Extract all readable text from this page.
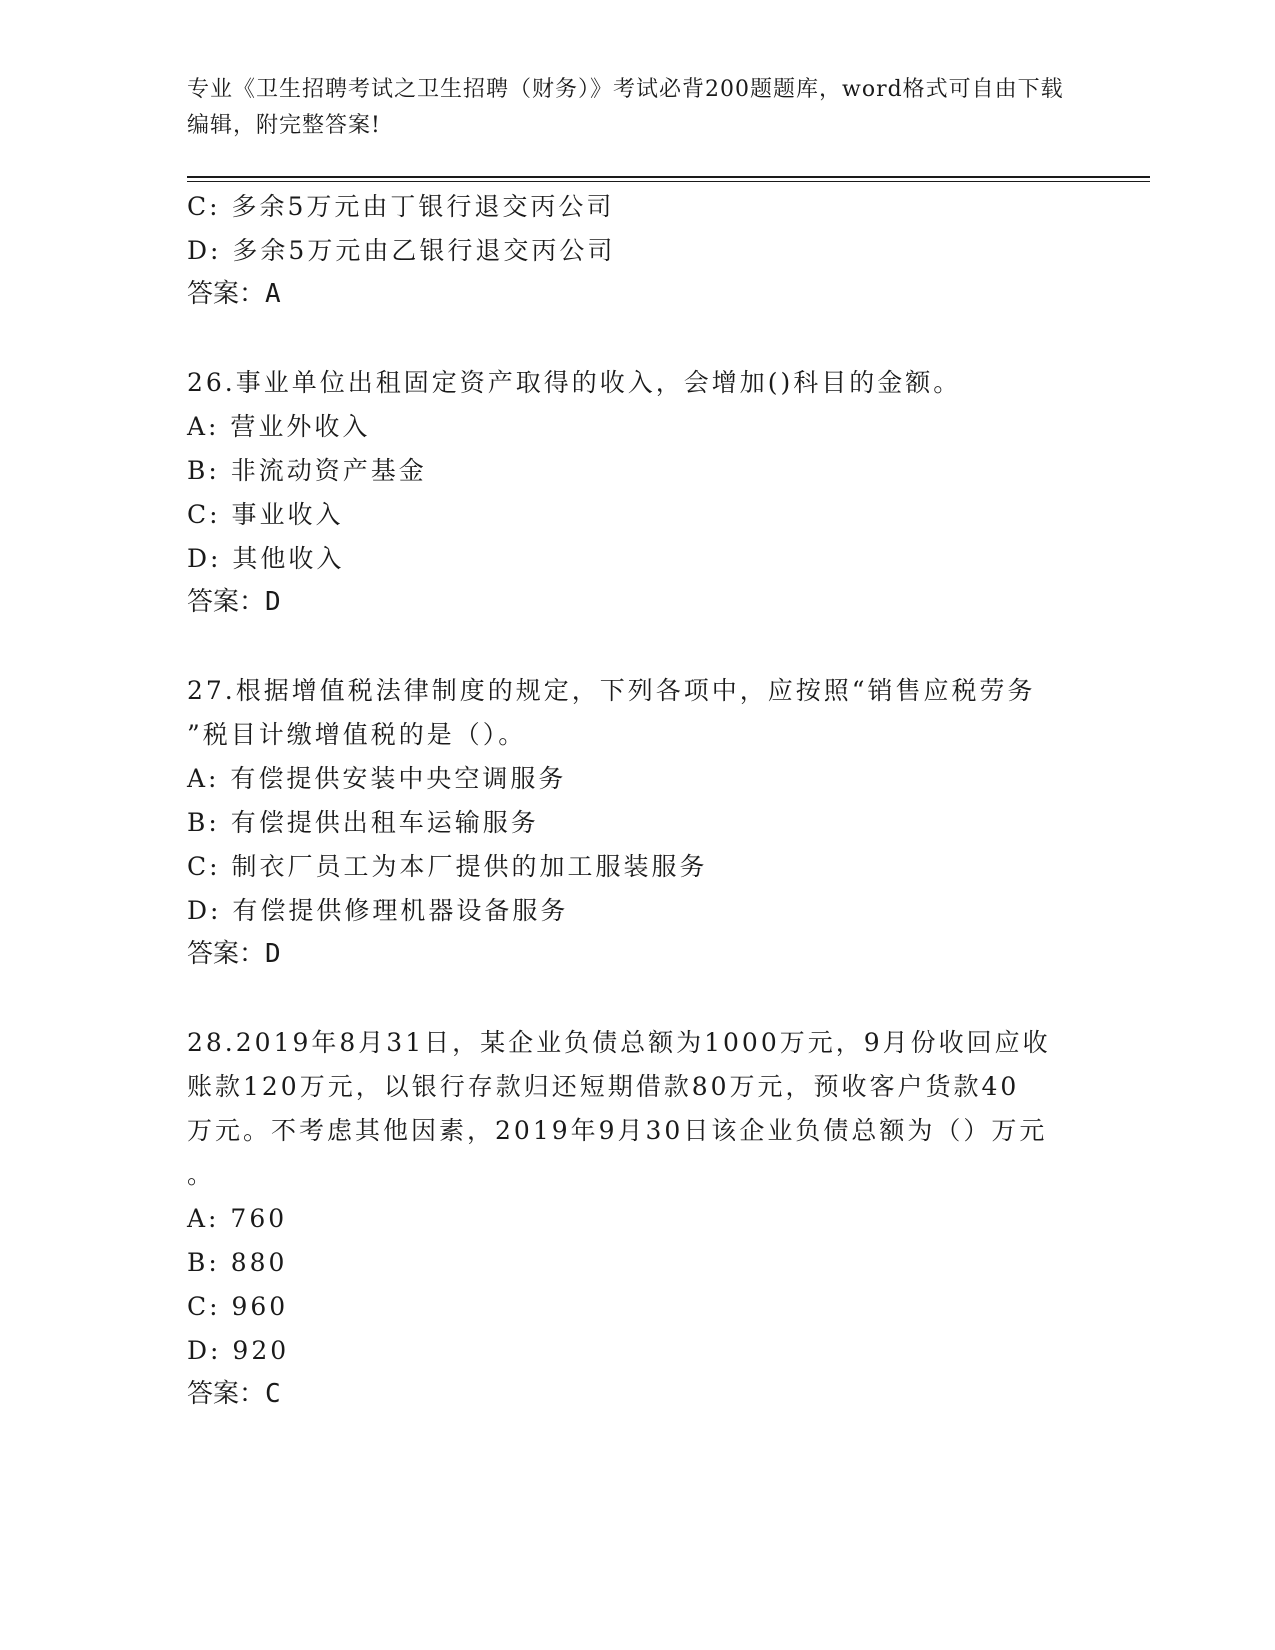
专业《卫生招聘考试之卫生招聘（财务）》考试必背200题题库，word格式可自由下载编辑，附完整答案!
C: 多余5万元由丁银行退交丙公司
D: 多余5万元由乙银行退交丙公司
答案：A
26.事业单位出租固定资产取得的收入，会增加()科目的金额。
A: 营业外收入
B: 非流动资产基金
C: 事业收入
D: 其他收入
答案：D
27.根据增值税法律制度的规定，下列各项中，应按照“销售应税劳务
”税目计缴增值税的是（）。
A: 有偿提供安装中央空调服务
B: 有偿提供出租车运输服务
C: 制衣厂员工为本厂提供的加工服装服务
D: 有偿提供修理机器设备服务
答案：D
28.2019年8月31日，某企业负债总额为1000万元，9月份收回应收
账款120万元，以银行存款归还短期借款80万元，预收客户货款40
万元。不考虑其他因素，2019年9月30日该企业负债总额为（）万元
。
A: 760
B: 880
C: 960
D: 920
答案：C
